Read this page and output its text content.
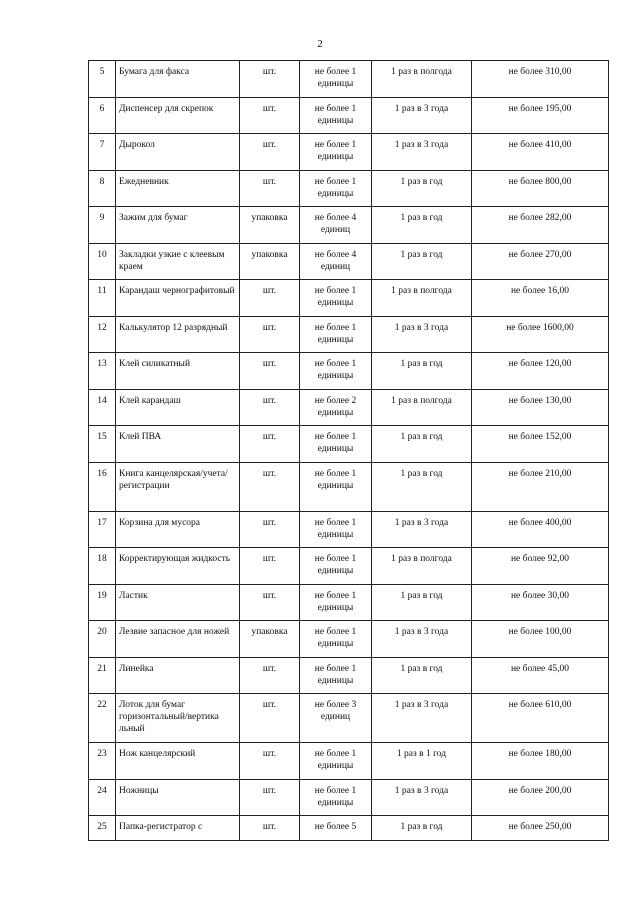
2
5	Бумага для факса	шт.	не более 1 единицы	1 раз в полгода	не более 310,00
6	Диспенсер для скрепок	шт.	не более 1 единицы	1 раз в 3 года	не более 195,00
7	Дырокол	шт.	не более 1 единицы	1 раз в 3 года	не более 410,00
8	Ежедневник	шт.	не более 1 единицы	1 раз в год	не более 800,00
9	Зажим для бумаг	упаковка	не более 4 единиц	1 раз в год	не более 282,00
10	Закладки узкие с клеевым краем	упаковка	не более 4 единиц	1 раз в год	не более 270,00
11	Карандаш чернографитовый	шт.	не более 1 единицы	1 раз в полгода	не более 16,00
12	Калькулятор 12 разрядный	шт.	не более 1 единицы	1 раз в 3 года	не более 1600,00
13	Клей силикатный	шт.	не более 1 единицы	1 раз в год	не более 120,00
14	Клей карандаш	шт.	не более 2 единицы	1 раз в полгода	не более 130,00
15	Клей ПВА	шт.	не более 1 единицы	1 раз в год	не более 152,00
16	Книга канцелярская/учета/ регистрации	шт.	не более 1 единицы	1 раз в год	не более 210,00
17	Корзина для мусора	шт.	не более 1 единицы	1 раз в 3 года	не более 400,00
18	Корректирующая жидкость	шт.	не более 1 единицы	1 раз в полгода	не более 92,00
19	Ластик	шт.	не более 1 единицы	1 раз в год	не более 30,00
20	Лезвие запасное для ножей	упаковка	не более 1 единицы	1 раз в 3 года	не более 100,00
21	Линейка	шт.	не более 1 единицы	1 раз в год	не более 45,00
22	Лоток для бумаг горизонтальный/вертика льный	шт.	не более 3 единиц	1 раз в 3 года	не более 610,00
23	Нож канцелярский	шт.	не более 1 единицы	1 раз в 1 год	не более 180,00
24	Ножницы	шт.	не более 1 единицы	1 раз в 3 года	не более 200,00
25	Папка-регистратор с	шт.	не более 5	1 раз в год	не более 250,00
